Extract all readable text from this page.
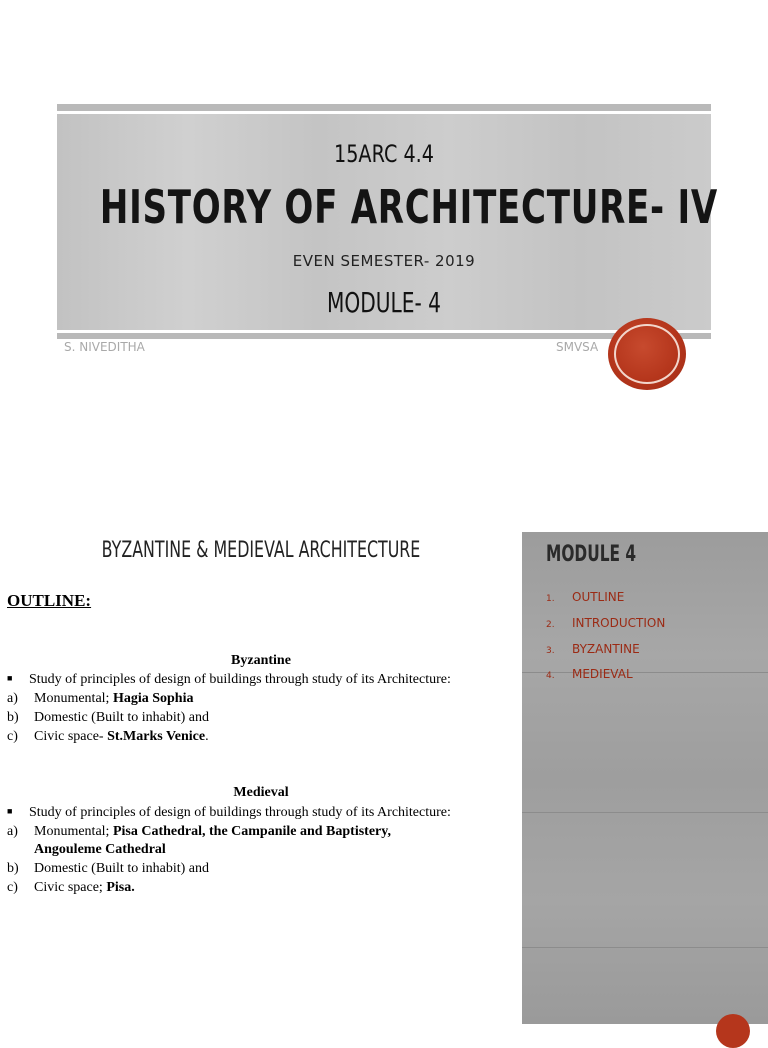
15ARC 4.4
HISTORY OF ARCHITECTURE- IV
EVEN SEMESTER- 2019
MODULE- 4
S. NIVEDITHA	SMVSA
BYZANTINE & MEDIEVAL ARCHITECTURE
OUTLINE:
Byzantine
■ Study of principles of design of buildings through study of its Architecture:
a) Monumental; Hagia Sophia
b) Domestic (Built to inhabit) and
c) Civic space- St.Marks Venice.
Medieval
■ Study of principles of design of buildings through study of its Architecture:
a) Monumental; Pisa Cathedral, the Campanile and Baptistery,
Angouleme Cathedral
b) Domestic (Built to inhabit) and
c) Civic space; Pisa.
MODULE 4
1. OUTLINE
2. INTRODUCTION
3. BYZANTINE
4. MEDIEVAL
